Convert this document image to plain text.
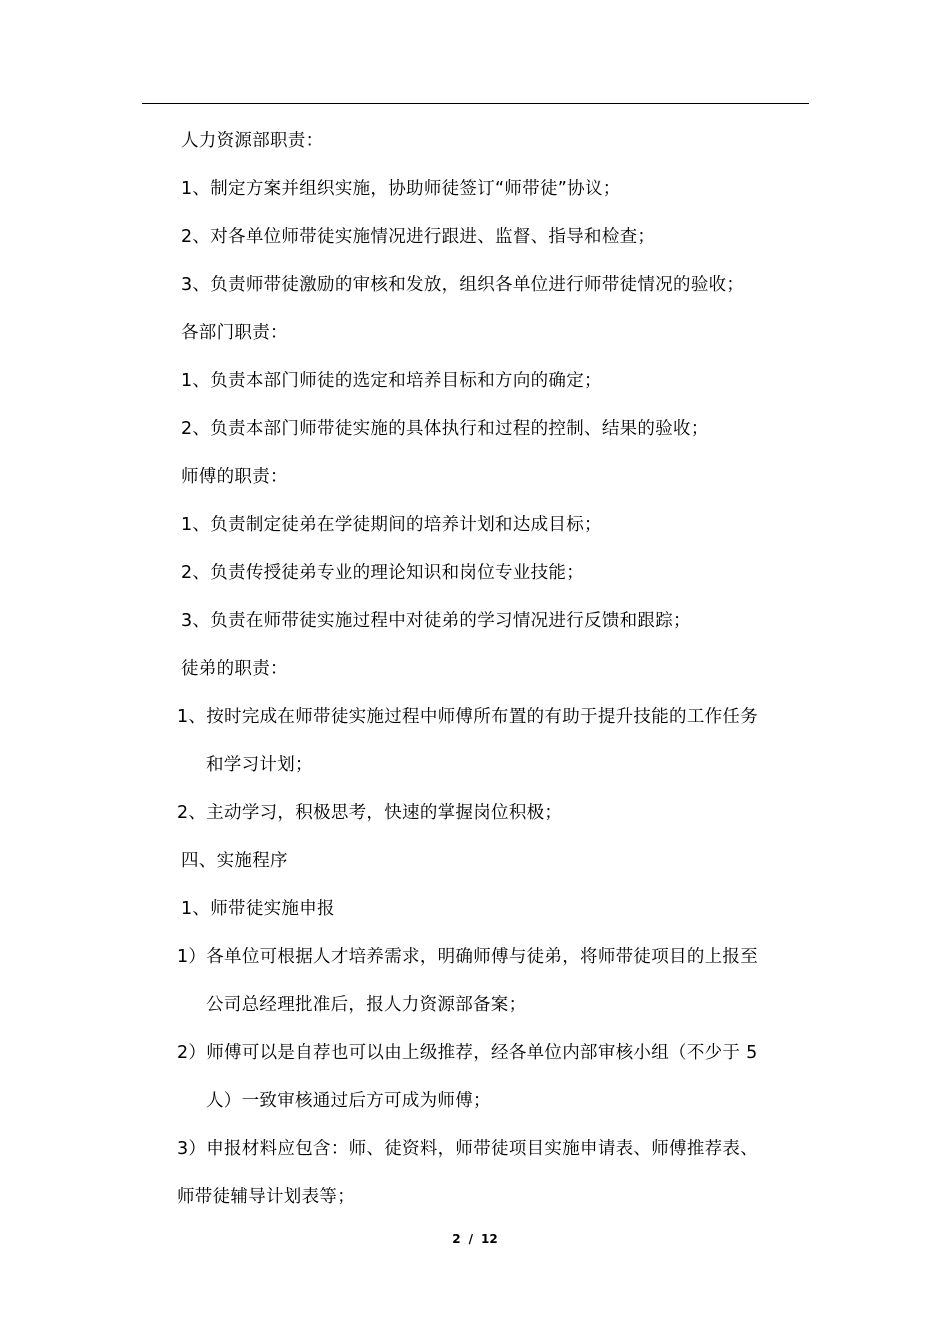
人力资源部职责：
1、制定方案并组织实施，协助师徒签订“师带徒”协议；
2、对各单位师带徒实施情况进行跟进、监督、指导和检查；
3、负责师带徒激励的审核和发放，组织各单位进行师带徒情况的验收；
各部门职责：
1、负责本部门师徒的选定和培养目标和方向的确定；
2、负责本部门师带徒实施的具体执行和过程的控制、结果的验收；
师傅的职责：
1、负责制定徒弟在学徒期间的培养计划和达成目标；
2、负责传授徒弟专业的理论知识和岗位专业技能；
3、负责在师带徒实施过程中对徒弟的学习情况进行反馈和跟踪；
徒弟的职责：
1、按时完成在师带徒实施过程中师傅所布置的有助于提升技能的工作任务
和学习计划；
2、主动学习，积极思考，快速的掌握岗位积极；
四、实施程序
1、师带徒实施申报
1）各单位可根据人才培养需求，明确师傅与徒弟，将师带徒项目的上报至
公司总经理批准后，报人力资源部备案；
2）师傅可以是自荐也可以由上级推荐，经各单位内部审核小组（不少于 5
人）一致审核通过后方可成为师傅；
3）申报材料应包含：师、徒资料，师带徒项目实施申请表、师傅推荐表、
师带徒辅导计划表等；
2 / 12
